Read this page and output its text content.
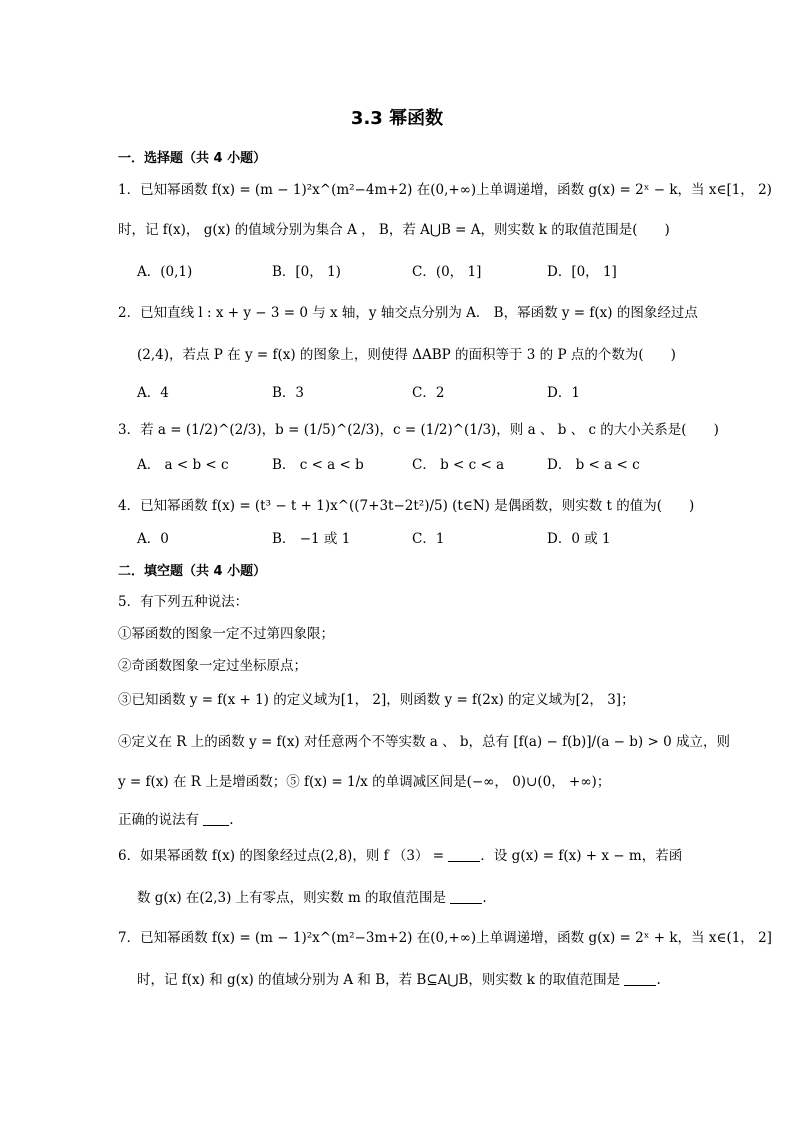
3.3 幂函数
一．选择题（共 4 小题）
1．已知幂函数 f(x) = (m − 1)²x^(m²−4m+2) 在(0,+∞)上单调递增，函数 g(x) = 2ˣ − k，当 x∈[1， 2)
时，记 f(x)， g(x) 的值域分别为集合 A ， B，若 A⋃B = A，则实数 k 的取值范围是(　　)
A．(0,1)	B．[0， 1)	C．(0， 1]	D．[0， 1]
2．已知直线 l : x + y − 3 = 0 与 x 轴，y 轴交点分别为 A． B，幂函数 y = f(x) 的图象经过点
(2,4)，若点 P 在 y = f(x) 的图象上，则使得 ΔABP 的面积等于 3 的 P 点的个数为(　　)
A．4	B．3	C．2	D．1
3．若 a = (1/2)^(2/3)，b = (1/5)^(2/3)，c = (1/2)^(1/3)，则 a 、 b 、 c 的大小关系是(　　)
A． a < b < c	B． c < a < b	C． b < c < a	D． b < a < c
4．已知幂函数 f(x) = (t³ − t + 1)x^((7+3t−2t²)/5) (t∈N) 是偶函数，则实数 t 的值为(　　)
A．0	B． −1 或 1	C．1	D．0 或 1
二．填空题（共 4 小题）
5．有下列五种说法：
①幂函数的图象一定不过第四象限；
②奇函数图象一定过坐标原点；
③已知函数 y = f(x + 1) 的定义域为[1， 2]，则函数 y = f(2x) 的定义域为[2， 3]；
④定义在 R 上的函数 y = f(x) 对任意两个不等实数 a 、 b，总有 [f(a) − f(b)]/(a − b) > 0 成立，则
y = f(x) 在 R 上是增函数；⑤ f(x) = 1/x 的单调减区间是(−∞， 0)∪(0， +∞)；
正确的说法有 .
6．如果幂函数 f(x) 的图象经过点(2,8)，则 f （3） =	．设 g(x) = f(x) + x − m，若函
数 g(x) 在(2,3) 上有零点，则实数 m 的取值范围是	.
7．已知幂函数 f(x) = (m − 1)²x^(m²−3m+2) 在(0,+∞)上单调递增，函数 g(x) = 2ˣ + k，当 x∈(1， 2]
时，记 f(x) 和 g(x) 的值域分别为 A 和 B，若 B⊆A⋃B，则实数 k 的取值范围是	.
